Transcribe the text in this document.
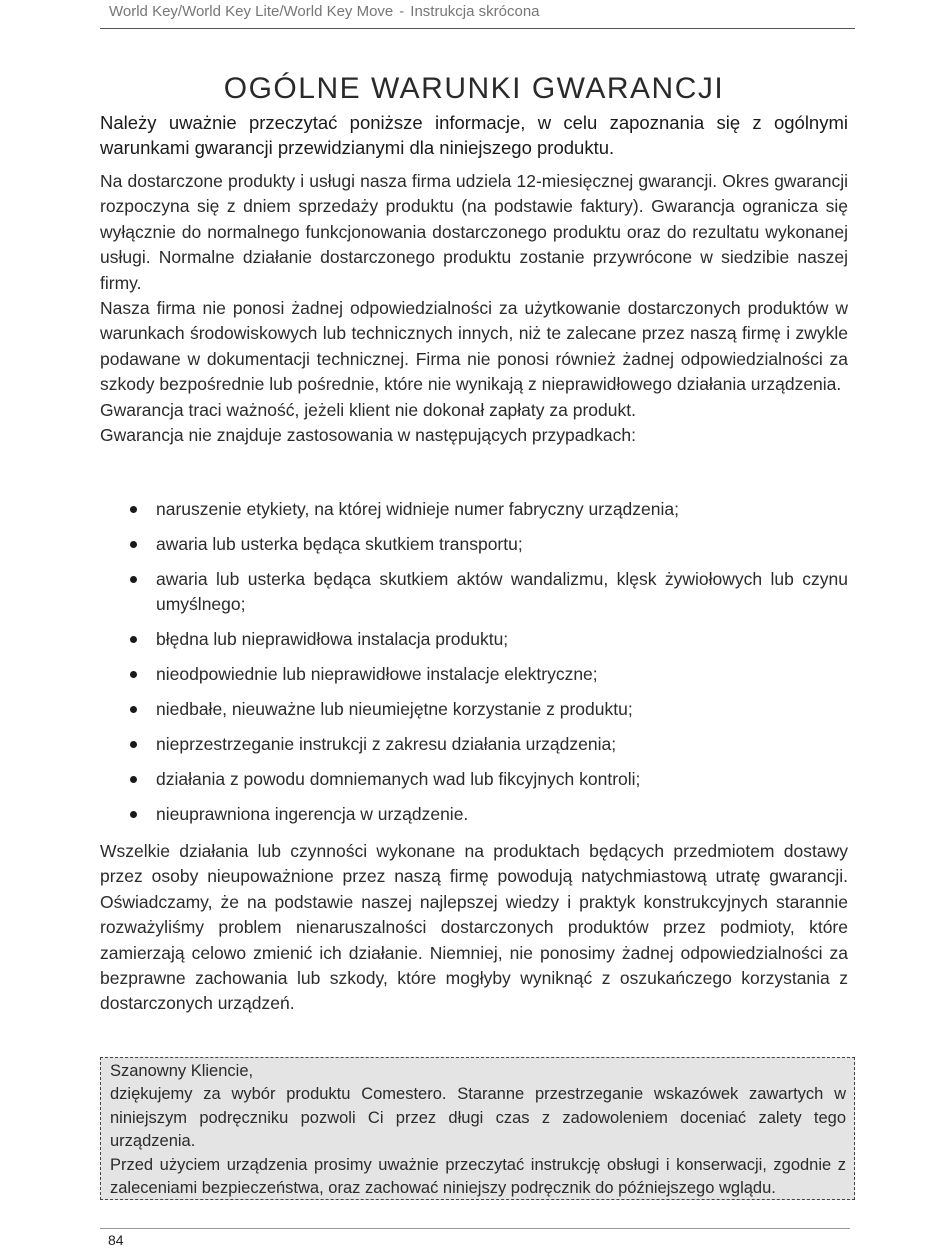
World Key/World Key Lite/World Key Move - Instrukcja skrócona
OGÓLNE WARUNKI GWARANCJI

Należy uważnie przeczytać poniższe informacje, w celu zapoznania się z ogólnymi warunkami gwarancji przewidzianymi dla niniejszego produktu.

Na dostarczone produkty i usługi nasza firma udziela 12-miesięcznej gwarancji. Okres gwarancji rozpoczyna się z dniem sprzedaży produktu (na podstawie faktury). Gwarancja ogranicza się wyłącznie do normalnego funkcjonowania dostarczonego produktu oraz do rezultatu wykonanej usługi. Normalne działanie dostarczonego produktu zostanie przywrócone w siedzibie naszej firmy.
Nasza firma nie ponosi żadnej odpowiedzialności za użytkowanie dostarczonych produktów w warunkach środowiskowych lub technicznych innych, niż te zalecane przez naszą firmę i zwykle podawane w dokumentacji technicznej. Firma nie ponosi również żadnej odpowiedzialności za szkody bezpośrednie lub pośrednie, które nie wynikają z nieprawidłowego działania urządzenia.
Gwarancja traci ważność, jeżeli klient nie dokonał zapłaty za produkt.
Gwarancja nie znajduje zastosowania w następujących przypadkach:
naruszenie etykiety, na której widnieje numer fabryczny urządzenia;
awaria lub usterka będąca skutkiem transportu;
awaria lub usterka będąca skutkiem aktów wandalizmu, klęsk żywiołowych lub czynu umyślnego;
błędna lub nieprawidłowa instalacja produktu;
nieodpowiednie lub nieprawidłowe instalacje elektryczne;
niedbałe, nieuważne lub nieumiejętne korzystanie z produktu;
nieprzestrzeganie instrukcji z zakresu działania urządzenia;
działania z powodu domniemanych wad lub fikcyjnych kontroli;
nieuprawniona ingerencja w urządzenie.

Wszelkie działania lub czynności wykonane na produktach będących przedmiotem dostawy przez osoby nieupoważnione przez naszą firmę powodują natychmiastową utratę gwarancji. Oświadczamy, że na podstawie naszej najlepszej wiedzy i praktyk konstrukcyjnych starannie rozważyliśmy problem nienaruszalności dostarczonych produktów przez podmioty, które zamierzają celowo zmienić ich działanie. Niemniej, nie ponosimy żadnej odpowiedzialności za bezprawne zachowania lub szkody, które mogłyby wyniknąć z oszukańczego korzystania z dostarczonych urządzeń.

Szanowny Kliencie,

dziękujemy za wybór produktu Comestero. Staranne przestrzeganie wskazówek zawartych w niniejszym podręczniku pozwoli Ci przez długi czas z zadowoleniem doceniać zalety tego urządzenia.

Przed użyciem urządzenia prosimy uważnie przeczytać instrukcję obsługi i konserwacji, zgodnie z zaleceniami bezpieczeństwa, oraz zachować niniejszy podręcznik do późniejszego wglądu.

84
